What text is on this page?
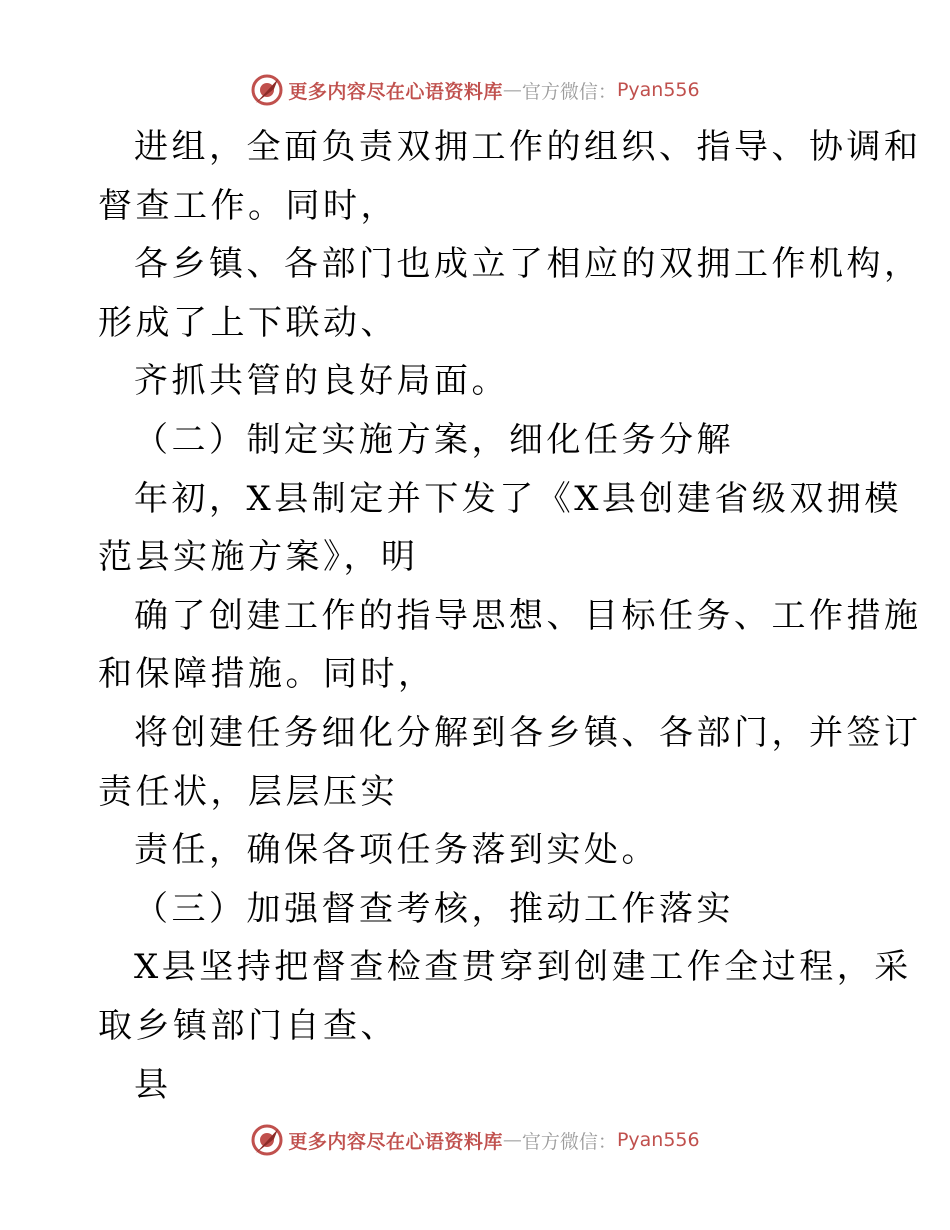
更多内容尽在心语资料库 — 官方微信： Pyan556
进组，全面负责双拥工作的组织、指导、协调和
督查工作。同时，
各乡镇、各部门也成立了相应的双拥工作机构，
形成了上下联动、
齐抓共管的良好局面。
（二）制定实施方案，细化任务分解
年初，X县制定并下发了《X县创建省级双拥模
范县实施方案》，明
确了创建工作的指导思想、目标任务、工作措施
和保障措施。同时，
将创建任务细化分解到各乡镇、各部门，并签订
责任状，层层压实
责任，确保各项任务落到实处。
（三）加强督查考核，推动工作落实
X县坚持把督查检查贯穿到创建工作全过程，采
取乡镇部门自查、
县
更多内容尽在心语资料库 — 官方微信： Pyan556
